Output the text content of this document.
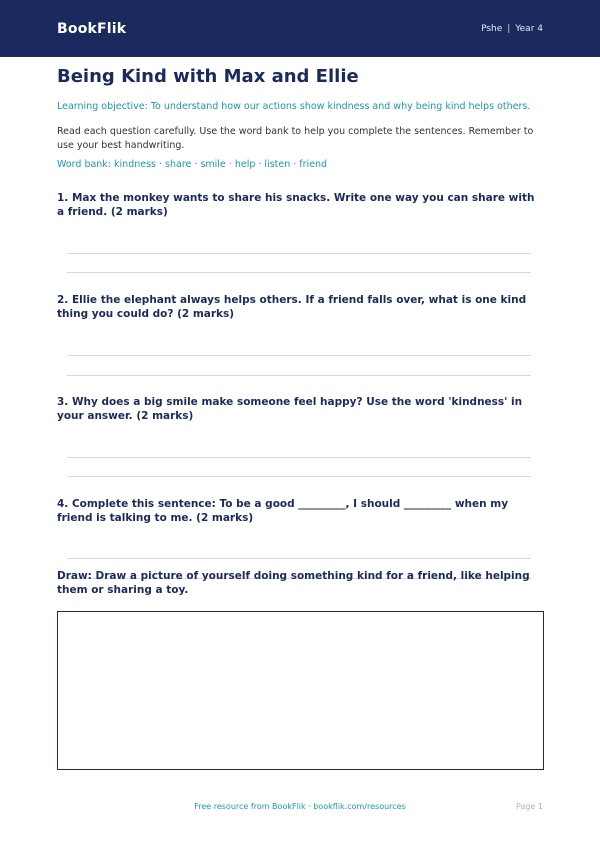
BookFlik	Pshe | Year 4
Being Kind with Max and Ellie

Learning objective: To understand how our actions show kindness and why being kind helps others.

Read each question carefully. Use the word bank to help you complete the sentences. Remember to use your best handwriting.

Word bank: kindness · share · smile · help · listen · friend

1. Max the monkey wants to share his snacks. Write one way you can share with a friend. (2 marks)

2. Ellie the elephant always helps others. If a friend falls over, what is one kind thing you could do? (2 marks)

3. Why does a big smile make someone feel happy? Use the word 'kindness' in your answer. (2 marks)

4. Complete this sentence: To be a good _________, I should _________ when my friend is talking to me. (2 marks)

Draw: Draw a picture of yourself doing something kind for a friend, like helping them or sharing a toy.

Free resource from BookFlik · bookflik.com/resources	Page 1
